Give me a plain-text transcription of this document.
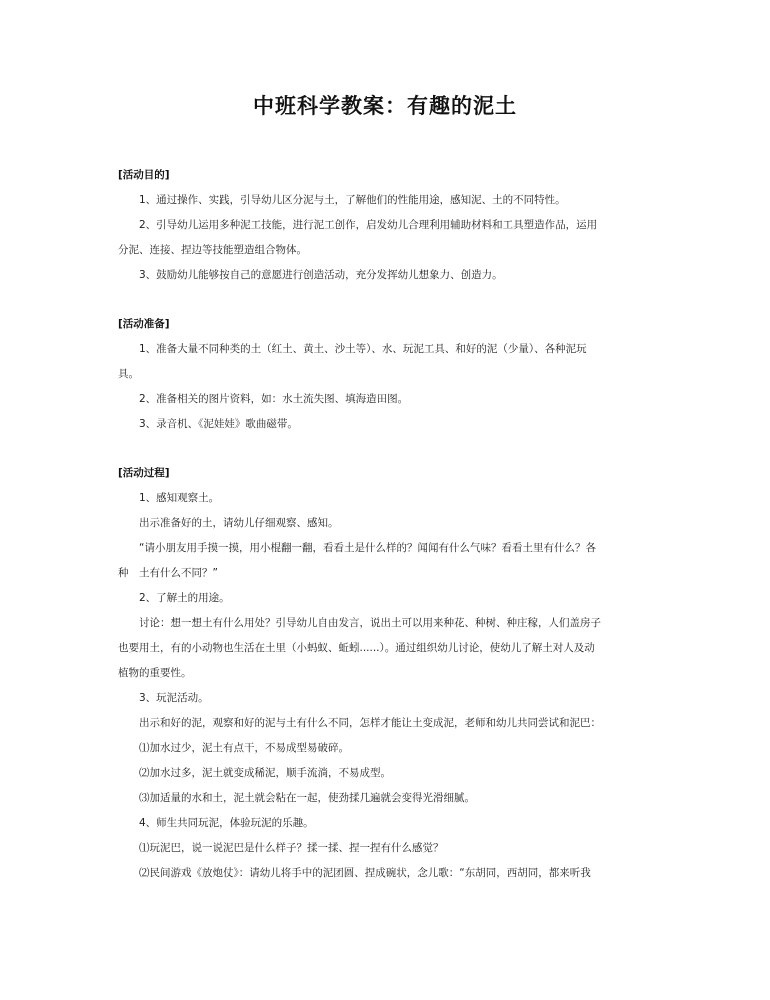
中班科学教案：有趣的泥土
[活动目的]
1、通过操作、实践，引导幼儿区分泥与土，了解他们的性能用途，感知泥、土的不同特性。
2、引导幼儿运用多种泥工技能，进行泥工创作，启发幼儿合理利用辅助材料和工具塑造作品，运用
分泥、连接、捏边等技能塑造组合物体。
3、鼓励幼儿能够按自己的意愿进行创造活动，充分发挥幼儿想象力、创造力。
[活动准备]
1、准备大量不同种类的土（红土、黄土、沙土等）、水、玩泥工具、和好的泥（少量）、各种泥玩
具。
2、准备相关的图片资料，如：水土流失图、填海造田图。
3、录音机、《泥娃娃》歌曲磁带。
[活动过程]
1、感知观察土。
出示准备好的土，请幼儿仔细观察、感知。
“请小朋友用手摸一摸，用小棍翻一翻，看看土是什么样的？闻闻有什么气味？看看土里有什么？各
种　土有什么不同？”
2、了解土的用途。
讨论：想一想土有什么用处？引导幼儿自由发言，说出土可以用来种花、种树、种庄稼，人们盖房子
也要用土，有的小动物也生活在土里（小蚂蚁、蚯蚓......）。通过组织幼儿讨论，使幼儿了解土对人及动
植物的重要性。
3、玩泥活动。
出示和好的泥，观察和好的泥与土有什么不同，怎样才能让土变成泥，老师和幼儿共同尝试和泥巴：
⑴加水过少，泥土有点干，不易成型易破碎。
⑵加水过多，泥土就变成稀泥，顺手流淌，不易成型。
⑶加适量的水和土，泥土就会粘在一起，使劲揉几遍就会变得光滑细腻。
4、师生共同玩泥，体验玩泥的乐趣。
⑴玩泥巴，说一说泥巴是什么样子？揉一揉、捏一捏有什么感觉？
⑵民间游戏《放炮仗》：请幼儿将手中的泥团圆、捏成碗状，念儿歌：“东胡同，西胡同，都来听我
